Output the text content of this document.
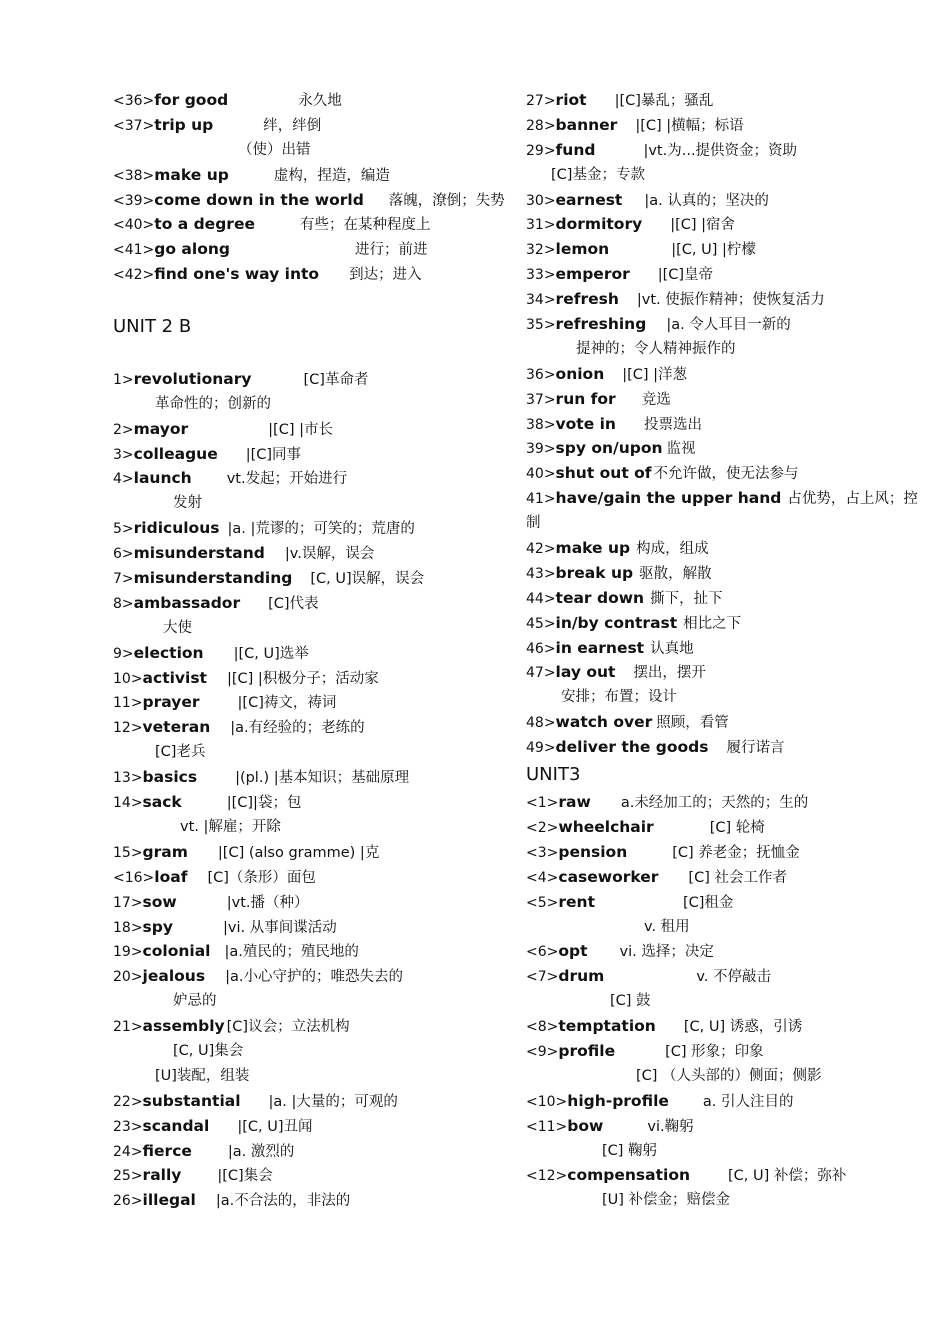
<36>for good	永久地
<37>trip up	绊，绊倒
（使）出错
<38>make up	虚构，捏造，编造
<39>come down in the world 落魄，潦倒；失势
<40>to a degree	有些；在某种程度上
<41>go along	进行；前进
<42>find one's way into 到达；进入
UNIT 2 B
1>revolutionary	[C]革命者
革命性的；创新的
2>mayor	|[C] |市长
3>colleague |[C]同事
4>launch vt.发起；开始进行
发射
5>ridiculous |a. |荒谬的；可笑的；荒唐的
6>misunderstand |v.误解，误会
7>misunderstanding [C, U]误解，误会
8>ambassador [C]代表
大使
9>election |[C, U]选举
10>activist |[C] |积极分子；活动家
11>prayer	|[C]祷文，祷词
12>veteran |a.有经验的；老练的
[C]老兵
13>basics	|(pl.) |基本知识；基础原理
14>sack	|[C]|袋；包
vt. |解雇；开除
15>gram |[C] (also gramme) |克
<16>loaf [C]（条形）面包
17>sow	|vt.播（种）
18>spy	|vi. 从事间谍活动
19>colonial |a.殖民的；殖民地的
20>jealous |a.小心守护的；唯恐失去的
妒忌的
21>assembly [C]议会；立法机构
[C, U]集会
[U]装配，组装
22>substantial |a. |大量的；可观的
23>scandal |[C, U]丑闻
24>fierce |a. 激烈的
25>rally |[C]集会
26>illegal |a.不合法的，非法的
27>riot |[C]暴乱；骚乱
28>banner |[C] |横幅；标语
29>fund	|vt.为...提供资金；资助
[C]基金；专款
30>earnest |a. 认真的；坚决的
31>dormitory |[C] |宿舍
32>lemon	|[C, U] |柠檬
33>emperor |[C]皇帝
34>refresh |vt. 使振作精神；使恢复活力
35>refreshing |a. 令人耳目一新的
提神的；令人精神振作的
36>onion |[C] |洋葱
37>run for 竞选
38>vote in 投票选出
39>spy on/upon 监视
40>shut out of 不允许做，使无法参与
41>have/gain the upper hand 占优势，占上风；控
制
42>make up 构成，组成
43>break up 驱散，解散
44>tear down 撕下，扯下
45>in/by contrast 相比之下
46>in earnest 认真地
47>lay out 摆出，摆开
安排；布置；设计
48>watch over 照顾，看管
49>deliver the goods 履行诺言
UNIT3
<1>raw a.未经加工的；天然的；生的
<2>wheelchair	[C] 轮椅
<3>pension	[C] 养老金；抚恤金
<4>caseworker [C] 社会工作者
<5>rent	[C]租金
v. 租用
<6>opt vi. 选择；决定
<7>drum	v. 不停敲击
[C] 鼓
<8>temptation [C, U] 诱惑，引诱
<9>profile	[C] 形象；印象
[C] （人头部的）侧面；侧影
<10>high-profile a. 引人注目的
<11>bow	vi.鞠躬
[C] 鞠躬
<12>compensation	[C, U] 补偿；弥补
[U] 补偿金；赔偿金
